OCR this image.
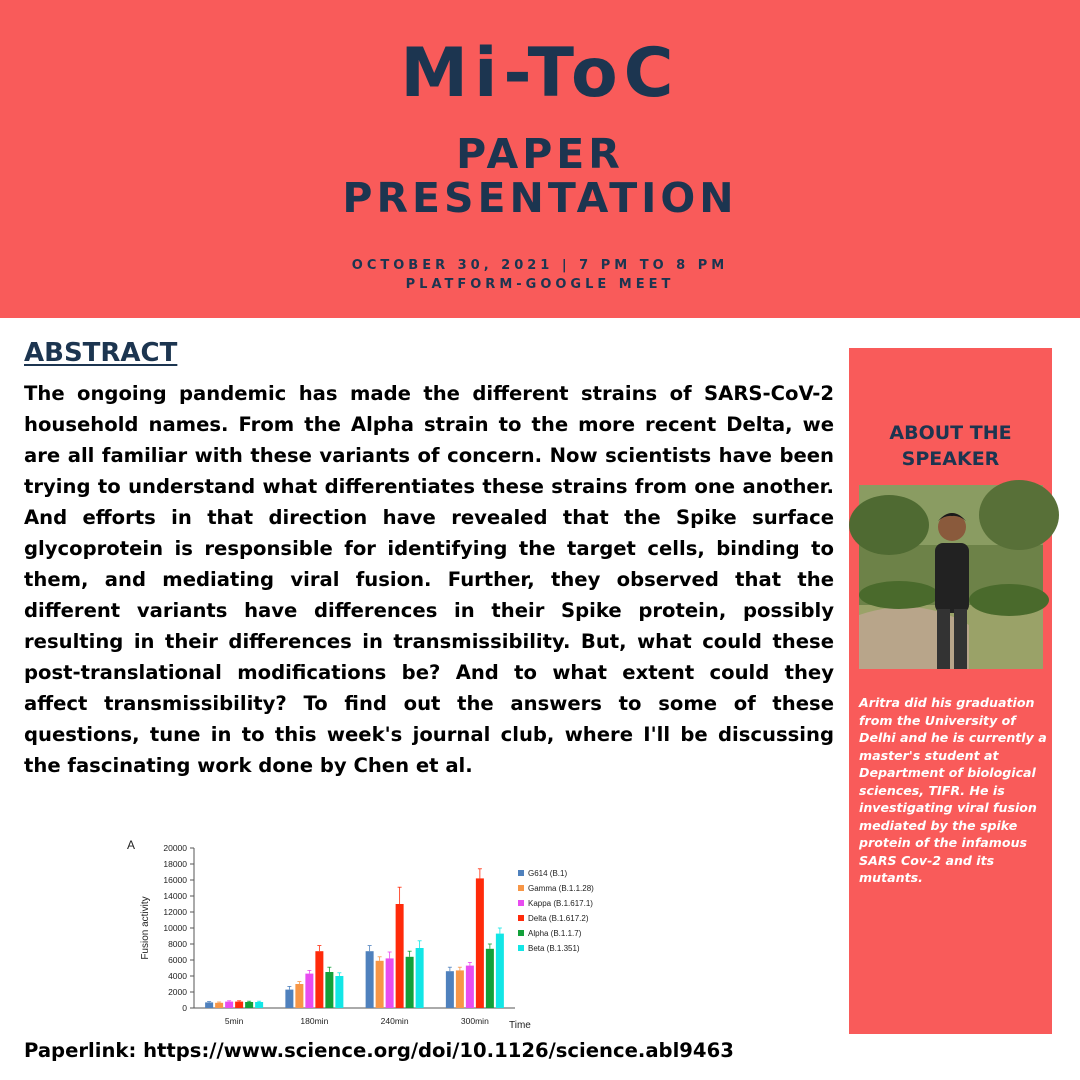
Mi-ToC
PAPER
PRESENTATION
OCTOBER 30, 2021 | 7 PM TO 8 PM
PLATFORM-GOOGLE MEET
ABSTRACT
The ongoing pandemic has made the different strains of SARS-CoV-2 household names. From the Alpha strain to the more recent Delta, we are all familiar with these variants of concern. Now scientists have been trying to understand what differentiates these strains from one another. And efforts in that direction have revealed that the Spike surface glycoprotein is responsible for identifying the target cells, binding to them, and mediating viral fusion. Further, they observed that the different variants have differences in their Spike protein, possibly resulting in their differences in transmissibility. But, what could these post-translational modifications be? And to what extent could they affect transmissibility? To find out the answers to some of these questions, tune in to this week's journal club, where I'll be discussing the fascinating work done by Chen et al.
A
0
2000
4000
6000
8000
10000
12000
14000
16000
18000
20000
Fusion activity
5min	180min	240min	300min Time
G614 (B.1)
Gamma (B.1.1.28)
Kappa (B.1.617.1)
Delta (B.1.617.2)
Alpha (B.1.1.7)
Beta (B.1.351)
Paperlink: https://www.science.org/doi/10.1126/science.abl9463
ABOUT THE
SPEAKER
Aritra did his graduation from the University of Delhi and he is currently a master's student at Department of biological sciences, TIFR. He is investigating viral fusion mediated by the spike protein of the infamous SARS Cov-2 and its mutants.
